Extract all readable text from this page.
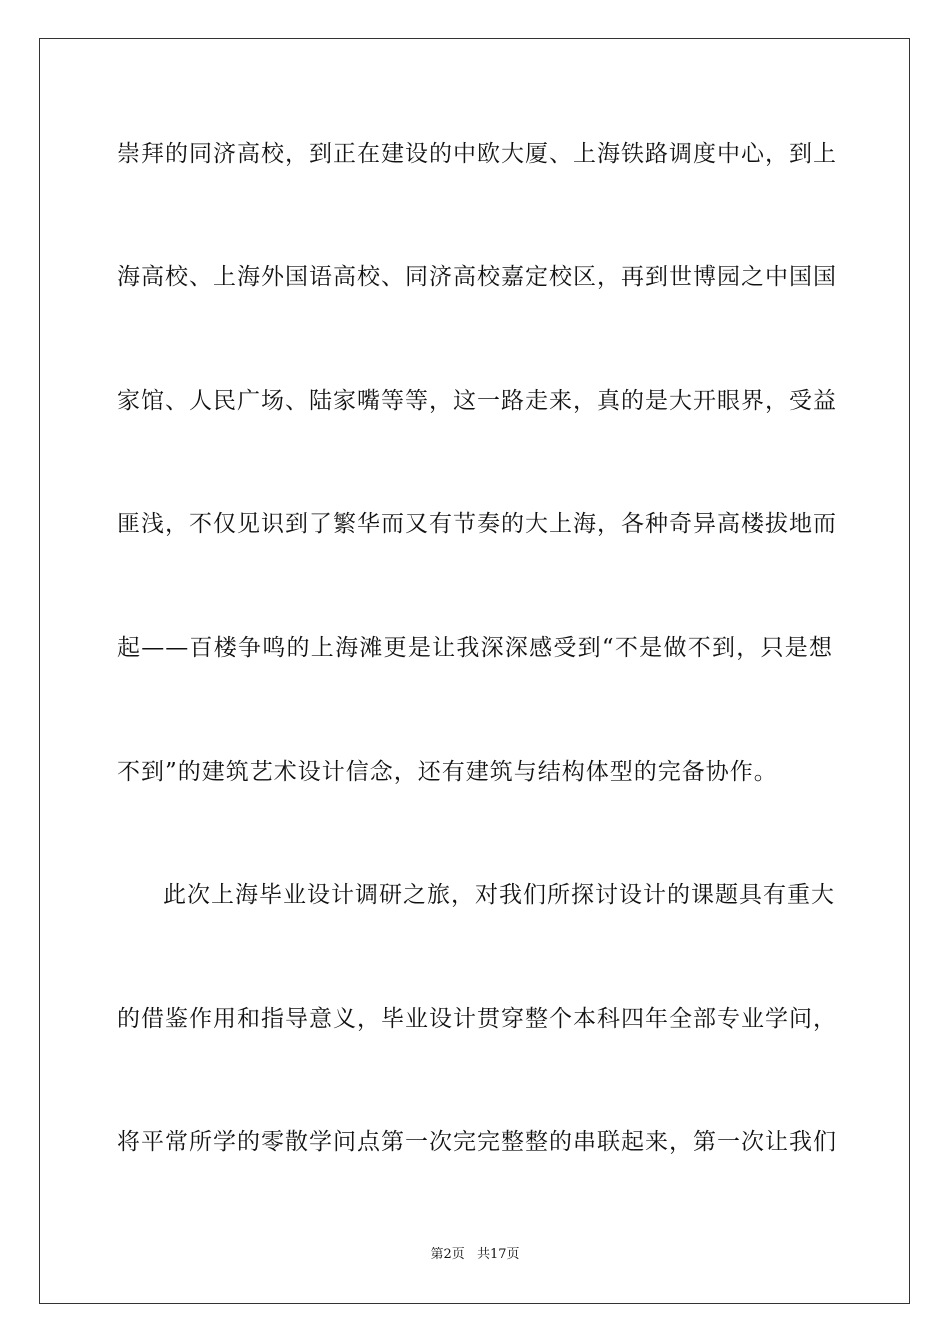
崇拜的同济高校，到正在建设的中欧大厦、上海铁路调度中心，到上
海高校、上海外国语高校、同济高校嘉定校区，再到世博园之中国国
家馆、人民广场、陆家嘴等等，这一路走来，真的是大开眼界，受益
匪浅，不仅见识到了繁华而又有节奏的大上海，各种奇异高楼拔地而
起——百楼争鸣的上海滩更是让我深深感受到“不是做不到，只是想
不到”的建筑艺术设计信念，还有建筑与结构体型的完备协作。
此次上海毕业设计调研之旅，对我们所探讨设计的课题具有重大
的借鉴作用和指导意义，毕业设计贯穿整个本科四年全部专业学问，
将平常所学的零散学问点第一次完完整整的串联起来，第一次让我们
第2页 共17页
